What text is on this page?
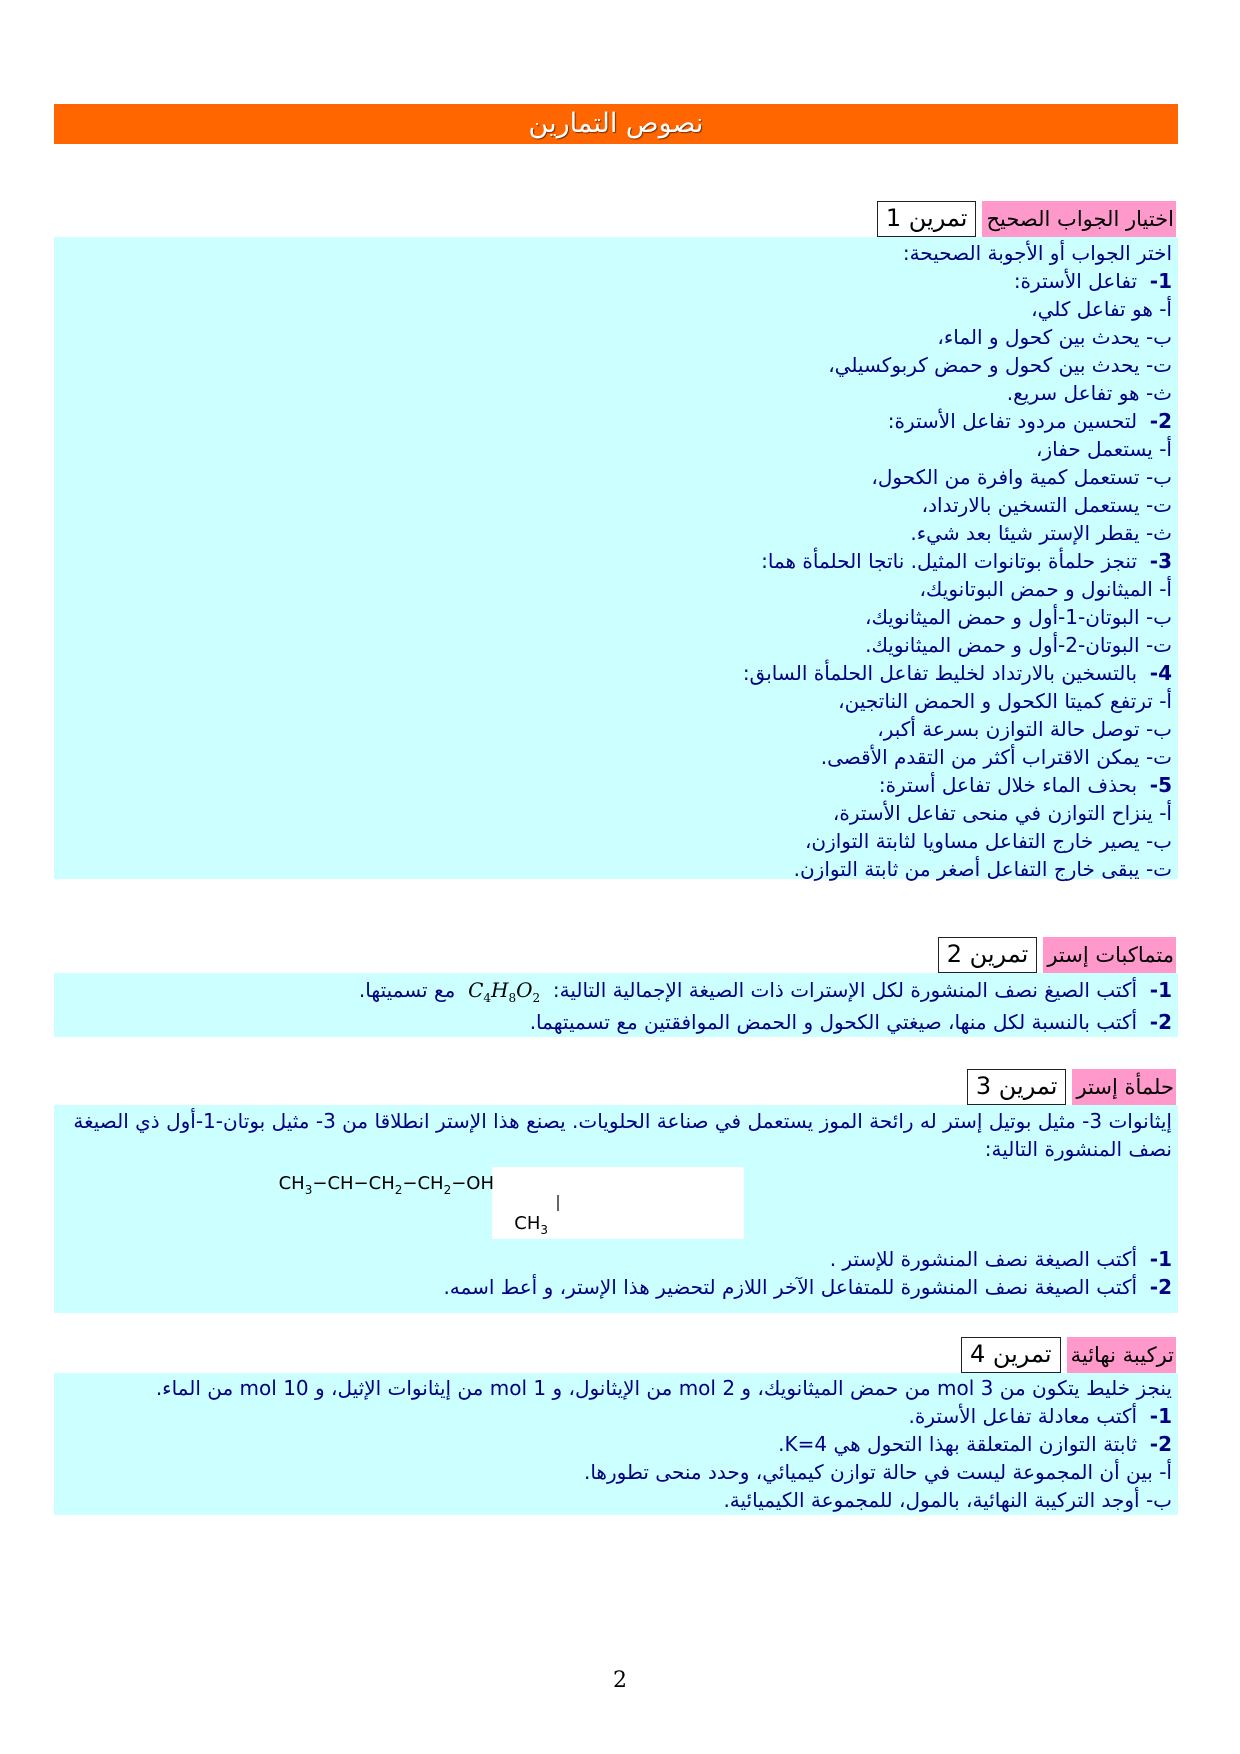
نصوص التمارين
تمرين 1 اختيار الجواب الصحيح
اختر الجواب أو الأجوبة الصحيحة:
1-  تفاعل الأسترة:
أ- هو تفاعل كلي،
ب- يحدث بين كحول و الماء،
ت- يحدث بين كحول و حمض كربوكسيلي،
ث- هو تفاعل سريع.
2-  لتحسين مردود تفاعل الأسترة:
أ- يستعمل حفاز،
ب- تستعمل كمية وافرة من الكحول،
ت- يستعمل التسخين بالارتداد،
ث- يقطر الإستر شيئا بعد شيء.
3-  تنجز حلمأة بوتانوات المثيل. ناتجا الحلمأة هما:
أ- الميثانول و حمض البوتانويك،
ب- البوتان-1-أول و حمض الميثانويك،
ت- البوتان-2-أول و حمض الميثانويك.
4-  بالتسخين بالارتداد لخليط تفاعل الحلمأة السابق:
أ- ترتفع كميتا الكحول و الحمض الناتجين،
ب- توصل حالة التوازن بسرعة أكبر،
ت- يمكن الاقتراب أكثر من التقدم الأقصى.
5-  بحذف الماء خلال تفاعل أسترة:
أ- ينزاح التوازن في منحى تفاعل الأسترة،
ب- يصير خارج التفاعل مساويا لثابتة التوازن،
ت- يبقى خارج التفاعل أصغر من ثابتة التوازن.
تمرين 2 متماكبات إستر
1-  أكتب الصيغ نصف المنشورة لكل الإسترات ذات الصيغة الإجمالية التالية:  $C_4H_8O_2$  مع تسميتها.
2-  أكتب بالنسبة لكل منها، صيغتي الكحول و الحمض الموافقتين مع تسميتهما.
تمرين 3 حلمأة إستر
إيثانوات 3- مثيل بوتيل إستر له رائحة الموز يستعمل في صناعة الحلويات. يصنع هذا الإستر انطلاقا من 3- مثيل بوتان-1-أول ذي الصيغة نصف المنشورة التالية:
$CH_3-CH-CH_2-CH_2-OH$
$CH_3$
1-  أكتب الصيغة نصف المنشورة للإستر .
2-  أكتب الصيغة نصف المنشورة للمتفاعل الآخر اللازم لتحضير هذا الإستر، و أعط اسمه.
تمرين 4 تركيبة نهائية
ينجز خليط يتكون من 3 mol من حمض الميثانويك، و 2 mol من الإيثانول، و 1 mol من إيثانوات الإثيل، و 10 mol من الماء.
1-  أكتب معادلة تفاعل الأسترة.
2-  ثابتة التوازن المتعلقة بهذا التحول هي K=4.
أ- بين أن المجموعة ليست في حالة توازن كيميائي، وحدد منحى تطورها.
ب- أوجد التركيبة النهائية، بالمول، للمجموعة الكيميائية.
2
